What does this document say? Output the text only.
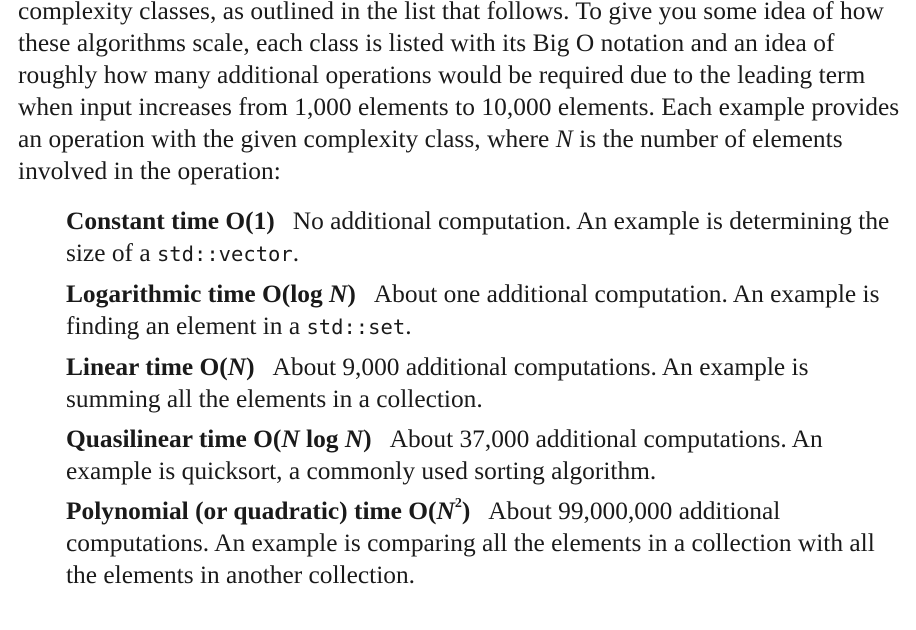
complexity classes, as outlined in the list that follows. To give you some idea of how these algorithms scale, each class is listed with its Big O notation and an idea of roughly how many additional operations would be required due to the leading term when input increases from 1,000 elements to 10,000 elements. Each example provides an operation with the given complexity class, where N is the number of elements involved in the operation:

Constant time O(1) No additional computation. An example is determining the size of a std::vector.
Logarithmic time O(log N) About one additional computation. An example is finding an element in a std::set.
Linear time O(N) About 9,000 additional computations. An example is summing all the elements in a collection.
Quasilinear time O(N log N) About 37,000 additional computations. An example is quicksort, a commonly used sorting algorithm.
Polynomial (or quadratic) time $O(N^2)$ About 99,000,000 additional computations. An example is comparing all the elements in a collection with all the elements in another collection.
